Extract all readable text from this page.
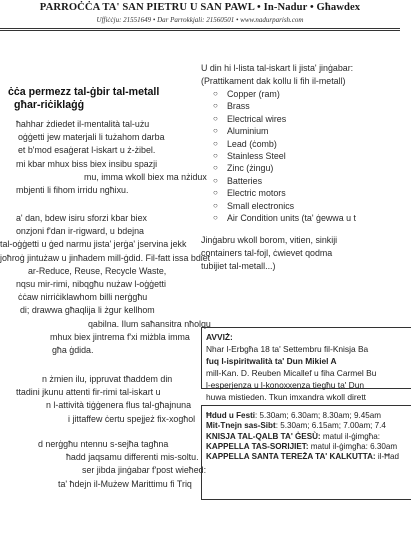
PARROĊĊA TA' SAN PIETRU U SAN PAWL • In-Nadur • Għawdex
Uffiċċju: 21551649 • Dar Parrokkjali: 21560501 • www.nadurparish.com
ċċa permezz tal-ġbir tal-metall
għar-riċiklaġġ
ħahhar żdiedet il-mentalità tal-użu
oġġetti jew materjali li tużahom darba
et b'mod esaġerat l-iskart u ż-żibel.
mi kbar mhux biss biex insibu spazji
mu, imma wkoll biex ma nżidux
mbjenti li fihom irridu ngħixu.
a' dan, bdew isiru sforzi kbar biex
onzjoni f'dan ir-rigward, u bdejna
tal-oġġetti u ġed narmu jista' jerġa' jservina jekk
joħroġ jintużaw u jinħadem mill-ġdid. Fil-fatt issa bdiet
ar-Reduce, Reuse, Recycle Waste,
nqsu mir-rimi, nibqgħu nużaw l-oġġetti
ċċaw nirriċiklawhom billi nerġgħu
di; drawwa għaqlija li żgur kellhom
qabilna. Ilum saħansitra nħolqu
mhux biex jintrema f'xi miżbla imma
għa ġdida.
n żmien ilu, ippruvat tħaddem din
ttadini jkunu attenti fir-rimi tal-iskart u
n l-attività tiġġenera flus tal-għajnuna
i jittaffew ċertu spejjeż fix-xogħol
d nerġgħu ntennu s-sejħa tagħna
ħadd jaqsamu differenti mis-soltu.
ser jibda jinġabar f'post wieħed:
ta' ħdejn il-Mużew Marittimu fi Triq
U din hi l-lista tal-iskart li jista' jinġabar:
(Prattikament dak kollu li fih il-metall)
○ Copper (ram)
○ Brass
○ Electrical wires
○ Aluminium
○ Lead (ċomb)
○ Stainless Steel
○ Zinc (żingu)
○ Batteries
○ Electric motors
○ Small electronics
○ Air Condition units (ta' ġewwa u t
Jinġabru wkoll borom, vitien, sinkiji
containers tal-fojl, ċwievet qodma
tubijiet tal-metall...)
AVVIŻ:
Nhar l-Erbgħa 18 ta' Settembru fil-Knisja Ba
fuq l-ispiritwalità ta' Dun Mikiel A
mill-Kan. D. Reuben Micallef u fiha Carmel Bu
l-esperjenza u l-konoxxenza tiegħu ta' Dun
huwa mistieden. Tkun imxandra wkoll dirett
Ħdud u Festi: 5.30am; 6.30am; 8.30am; 9.45am
Mit-Tnejn sas-Sibt: 5.30am; 6.15am; 7.00am; 7.4
KNISJA TAL-QALB TA' ĠESÙ: matul il-ġimgħa:
KAPPELLA TAS-SORIJIET: matul il-ġimgħa: 6.30am
KAPPELLA SANTA TEREŻA TA' KALKUTTA: il-Ħad
